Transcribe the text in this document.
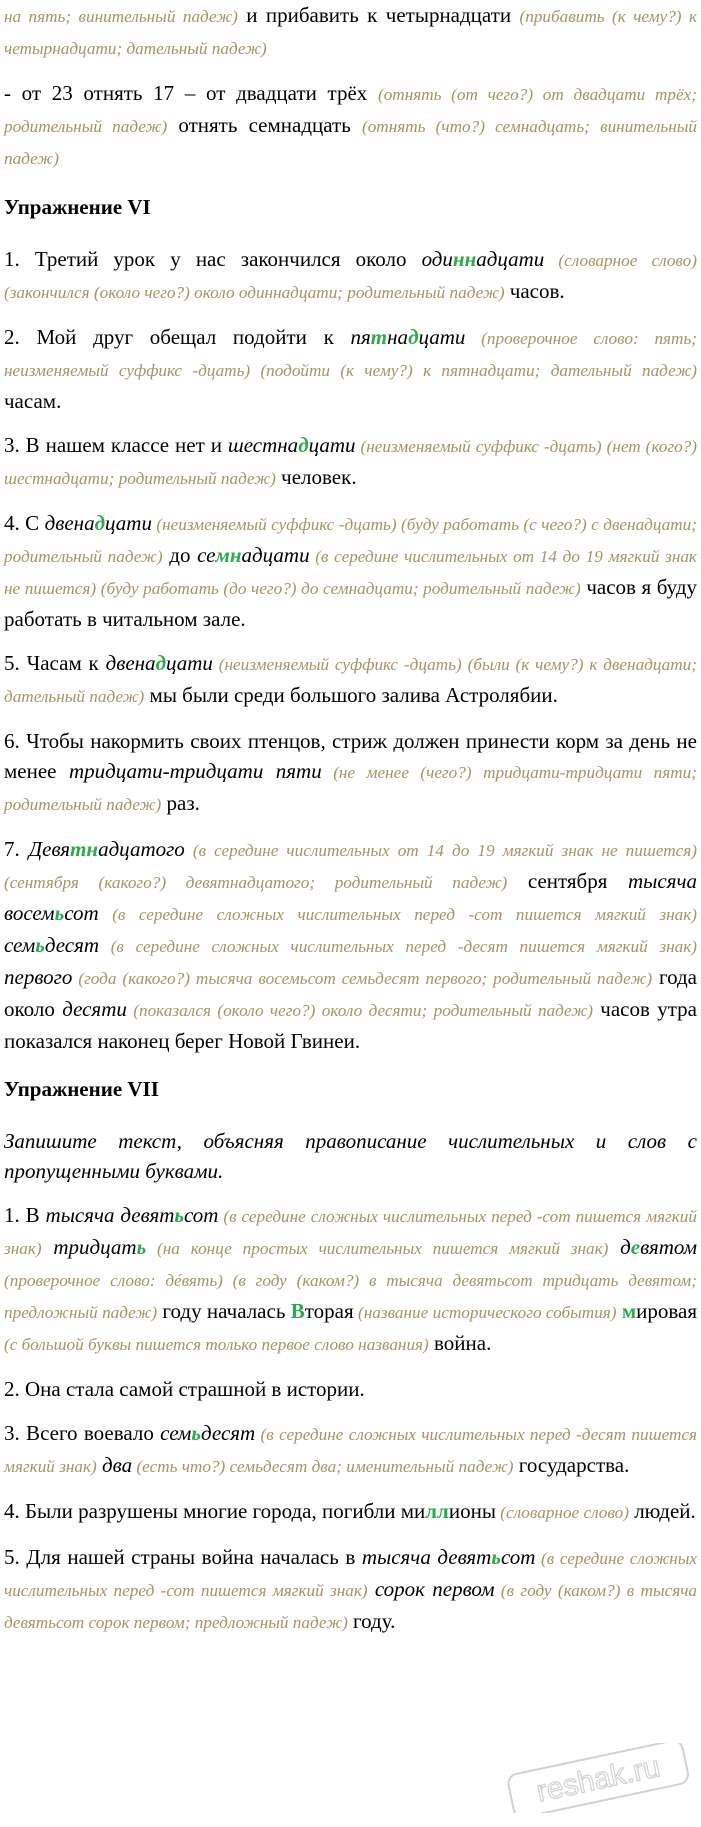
на пять; винительный падеж) и прибавить к четырнадцати (прибавить (к чему?) к четырнадцати; дательный падеж)

- от 23 отнять 17 – от двадцати трёх (отнять (от чего?) от двадцати трёх; родительный падеж) отнять семнадцать (отнять (что?) семнадцать; винительный падеж)

Упражнение VI

1. Третий урок у нас закончился около одиннадцати (словарное слово) (закончился (около чего?) около одиннадцати; родительный падеж) часов.

2. Мой друг обещал подойти к пятнадцати (проверочное слово: пять; неизменяемый суффикс -дцать) (подойти (к чему?) к пятнадцати; дательный падеж) часам.

3. В нашем классе нет и шестнадцати (неизменяемый суффикс -дцать) (нет (кого?) шестнадцати; родительный падеж) человек.

4. С двенадцати (неизменяемый суффикс -дцать) (буду работать (с чего?) с двенадцати; родительный падеж) до семнадцати (в середине числительных от 14 до 19 мягкий знак не пишется) (буду работать (до чего?) до семнадцати; родительный падеж) часов я буду работать в читальном зале.

5. Часам к двенадцати (неизменяемый суффикс -дцать) (были (к чему?) к двенадцати; дательный падеж) мы были среди большого залива Астролябии.

6. Чтобы накормить своих птенцов, стриж должен принести корм за день не менее тридцати-тридцати пяти (не менее (чего?) тридцати-тридцати пяти; родительный падеж) раз.

7. Девятнадцатого (в середине числительных от 14 до 19 мягкий знак не пишется) (сентября (какого?) девятнадцатого; родительный падеж) сентября тысяча восемьсот (в середине сложных числительных перед -сот пишется мягкий знак) семьдесят (в середине сложных числительных перед -десят пишется мягкий знак) первого (года (какого?) тысяча восемьсот семьдесят первого; родительный падеж) года около десяти (показался (около чего?) около десяти; родительный падеж) часов утра показался наконец берег Новой Гвинеи.

Упражнение VII

Запишите текст, объясняя правописание числительных и слов с пропущенными буквами.

1. В тысяча девятьсот (в середине сложных числительных перед -сот пишется мягкий знак) тридцать (на конце простых числительных пишется мягкий знак) девятом (проверочное слово: дéвять) (в году (каком?) в тысяча девятьсот тридцать девятом; предложный падеж) году началась Вторая (название исторического события) мировая (с большой буквы пишется только первое слово названия) война.

2. Она стала самой страшной в истории.

3. Всего воевало семьдесят (в середине сложных числительных перед -десят пишется мягкий знак) два (есть что?) семьдесят два; именительный падеж) государства.

4. Были разрушены многие города, погибли миллионы (словарное слово) людей.

5. Для нашей страны война началась в тысяча девятьсот (в середине сложных числительных перед -сот пишется мягкий знак) сорок первом (в году (каком?) в тысяча девятьсот сорок первом; предложный падеж) году.

reshak.ru
